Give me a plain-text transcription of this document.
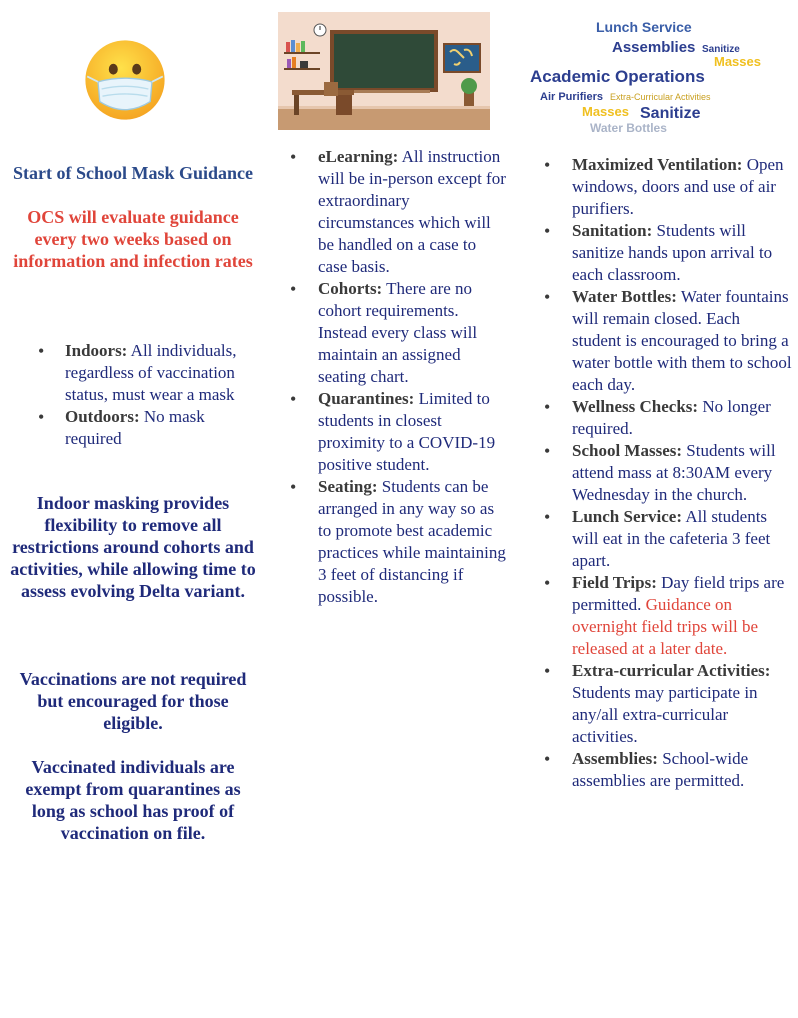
Start of School Mask Guidance
OCS will evaluate guidance every two weeks based on information and infection rates
• Indoors: All individuals, regardless of vaccination status, must wear a mask
• Outdoors: No mask required
Indoor masking provides flexibility to remove all restrictions around cohorts and activities, while allowing time to assess evolving Delta variant.
Vaccinations are not required but encouraged for those eligible.
Vaccinated individuals are exempt from quarantines as long as school has proof of vaccination on file.
• eLearning: All instruction will be in-person except for extraordinary circumstances which will be handled on a case to case basis.
• Cohorts: There are no cohort requirements. Instead every class will maintain an assigned seating chart.
• Quarantines: Limited to students in closest proximity to a COVID-19 positive student.
• Seating: Students can be arranged in any way so as to promote best academic practices while maintaining 3 feet of distancing if possible.
Lunch Service
Assemblies Sanitize
Masses
Academic Operations
Air Purifiers Extra-Curricular Activities
Masses Sanitize
Water Bottles
• Maximized Ventilation: Open windows, doors and use of air purifiers.
• Sanitation: Students will sanitize hands upon arrival to each classroom.
• Water Bottles: Water fountains will remain closed. Each student is encouraged to bring a water bottle with them to school each day.
• Wellness Checks: No longer required.
• School Masses: Students will attend mass at 8:30AM every Wednesday in the church.
• Lunch Service: All students will eat in the cafeteria 3 feet apart.
• Field Trips: Day field trips are permitted. Guidance on overnight field trips will be released at a later date.
• Extra-curricular Activities: Students may participate in any/all extra-curricular activities.
• Assemblies: School-wide assemblies are permitted.
